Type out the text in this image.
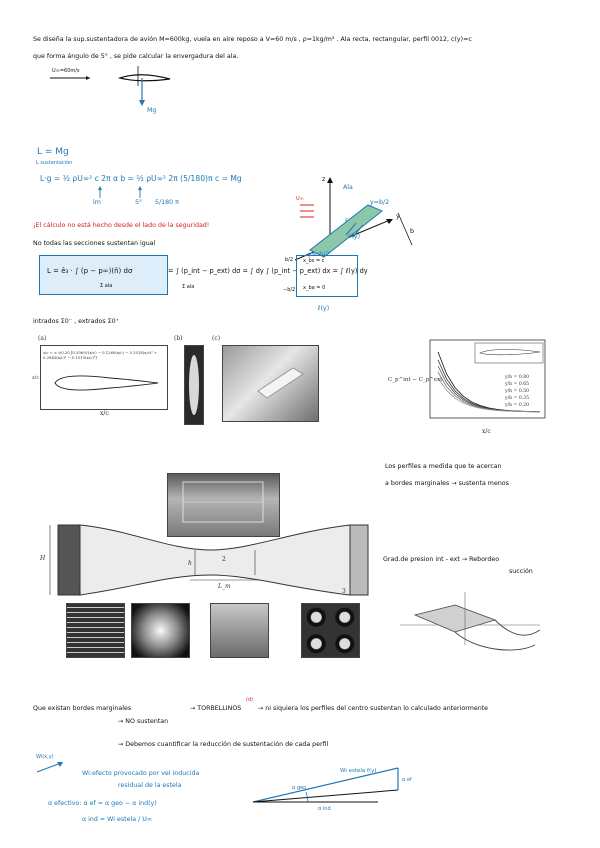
Se diseña la sup.sustentadora de avión M=600kg, vuela en aire reposo a V=60 m/s , ρ=1kg/m³ . Ala recta, rectangular, perfil 0012, c(y)=c
que forma ángulo de 5° , se pide calcular la envergadura del ala.
U∞=60m/s
Mg
L = Mg
L sustentación
L·g = ½ ρU∞² c 2π α b = ½ ρU∞² 2π (5/180)π c = Mg
lm	5° 5/180 π
z
y
Ala
y=b/2
y=-b/2
c(y)
F
b
U∞
¡El cálculo no está hecho desde el lado de la seguridad!
No todas las secciones sustentan igual
L = ê₃ · ∫ (p − p∞)(n̂) dσ
Σ ala
= ∫ (p_int − p_ext) dσ = ∫ dy ∫ (p_int − p_ext) dx = ∫ ℓ(y) dy
Σ ala
x_bs = c
x_ba = 0
b/2
−b/2
ℓ(y)
intrados Σ0⁻ , extrados Σ0⁺
(a)
z/c = ± t/0.20 [0.2969√(x/c) − 0.1260(x/c) − 0.3516(x/c)² + 0.2843(x/c)³ − 0.1015(x/c)⁴]
x/c
z/c
(b)	(c)
C_p^int − C_p^ext
x/c
y/b = 0.80
y/b = 0.65
y/b = 0.50
y/b = 0.35
y/b = 0.20
Los perfiles a medida que te acercan
a bordes marginales → sustenta menos
H
h
L_m
1
2
3
Grad.de presion int - ext → Rebordeo
succión
Que existan bordes marginales
→ NO sustentan
→ TORBELLINOS
(d)
→ ni siquiera los perfiles del centro sustentan lo calculado anteriormente
→ Debemos cuantificar la reducción de sustentación de cada perfil
Wi(x,y)
Wi:efecto provocado por vel inducida
residual de la estela
α efectivo: α ef = α geo − α ind(y)
α ind = Wi estela / U∞
Wi estela f(y)
α geo
α ind
α ef
